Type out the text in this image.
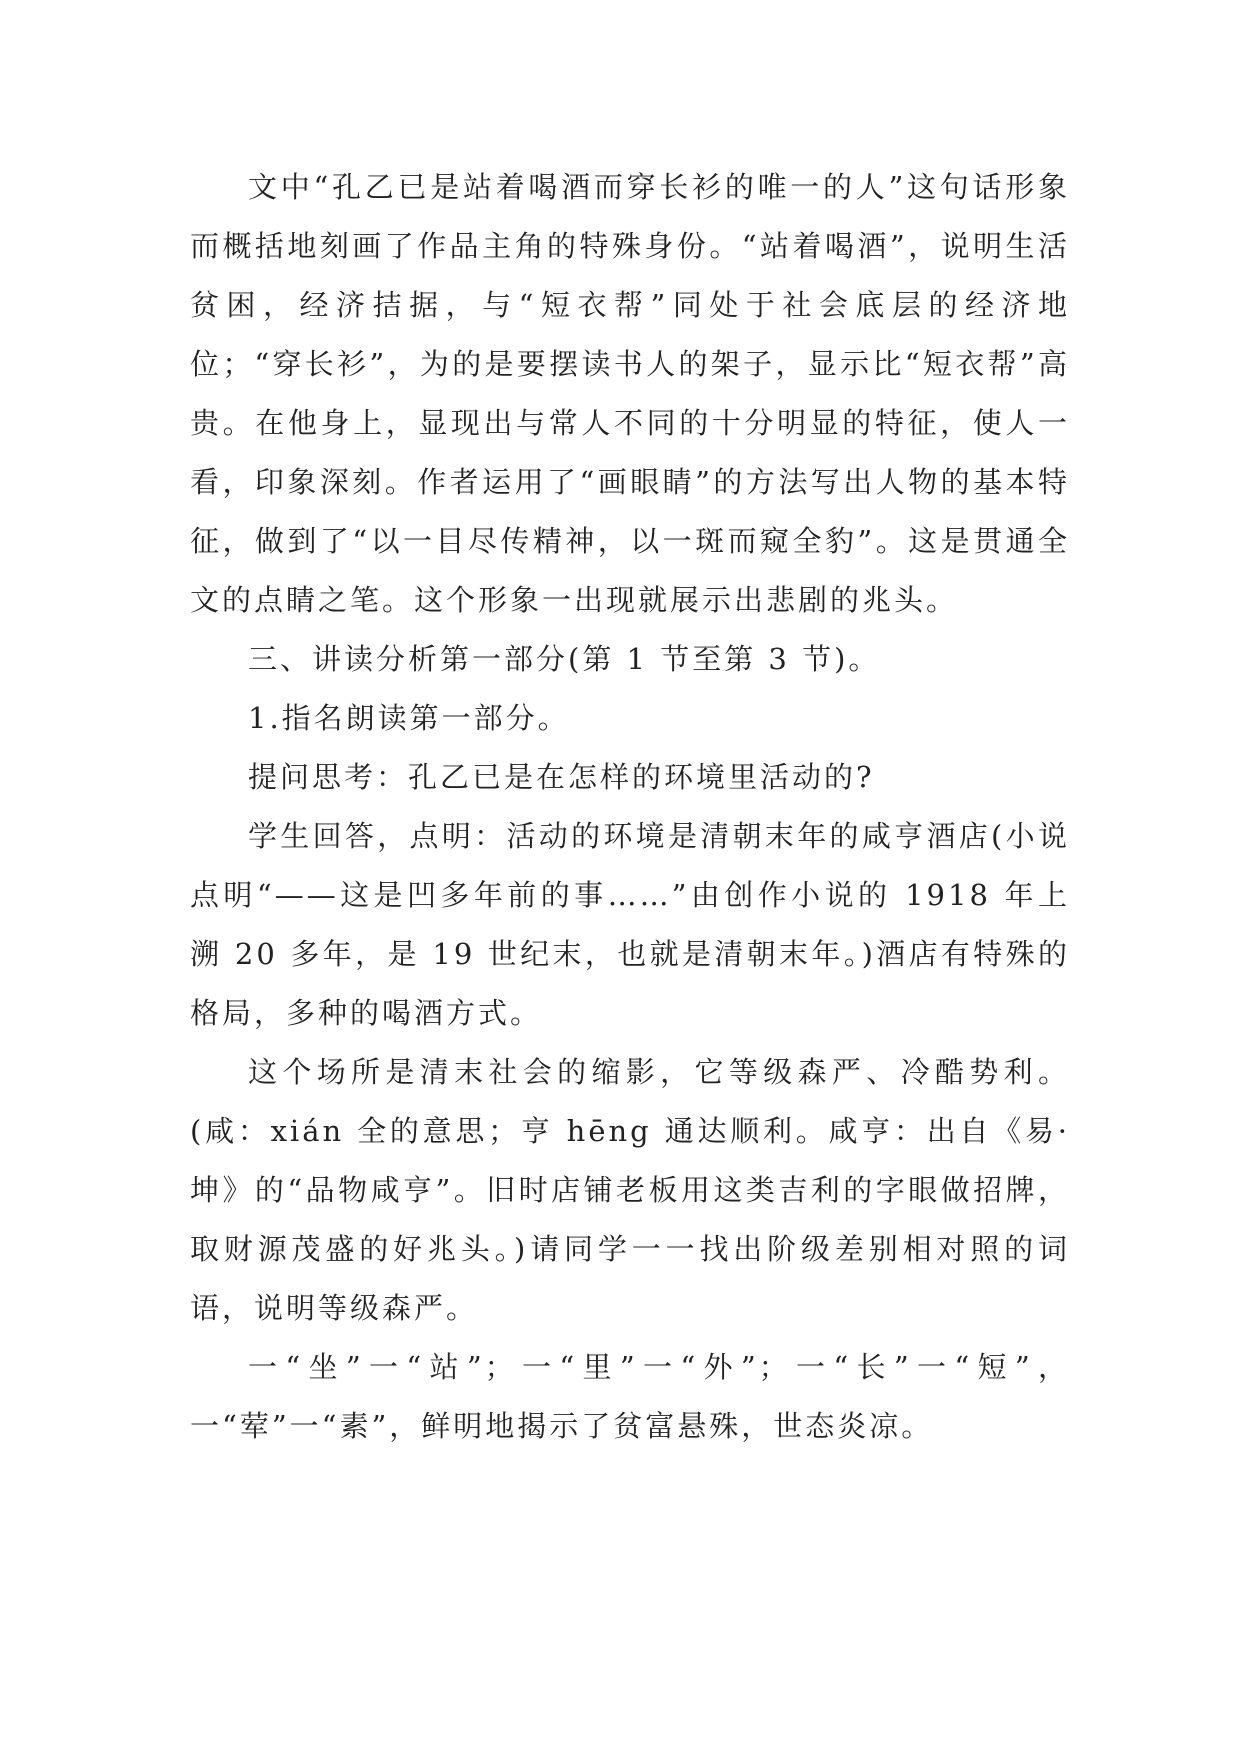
文中“孔乙已是站着喝酒而穿长衫的唯一的人”这句话形象而概括地刻画了作品主角的特殊身份。“站着喝酒”，说明生活贫困，经济拮据，与“短衣帮”同处于社会底层的经济地位；“穿长衫”，为的是要摆读书人的架子，显示比“短衣帮”高贵。在他身上，显现出与常人不同的十分明显的特征，使人一看，印象深刻。作者运用了“画眼睛”的方法写出人物的基本特征，做到了“以一目尽传精神，以一斑而窥全豹”。这是贯通全文的点睛之笔。这个形象一出现就展示出悲剧的兆头。

三、讲读分析第一部分(第 1 节至第 3 节)。

1.指名朗读第一部分。

提问思考：孔乙已是在怎样的环境里活动的?

学生回答，点明：活动的环境是清朝末年的咸亨酒店(小说点明“——这是凹多年前的事……”由创作小说的 1918 年上溯 20 多年，是 19 世纪末，也就是清朝末年。)酒店有特殊的格局，多种的喝酒方式。

这个场所是清末社会的缩影，它等级森严、冷酷势利。(咸：xián 全的意思；亨 hēng 通达顺利。咸亨：出自《易·坤》的“品物咸亨”。旧时店铺老板用这类吉利的字眼做招牌，取财源茂盛的好兆头。)请同学一一找出阶级差别相对照的词语，说明等级森严。

一“坐”一“站”；一“里”一“外”；一“长”一“短”，一“荤”一“素”，鲜明地揭示了贫富悬殊，世态炎凉。
